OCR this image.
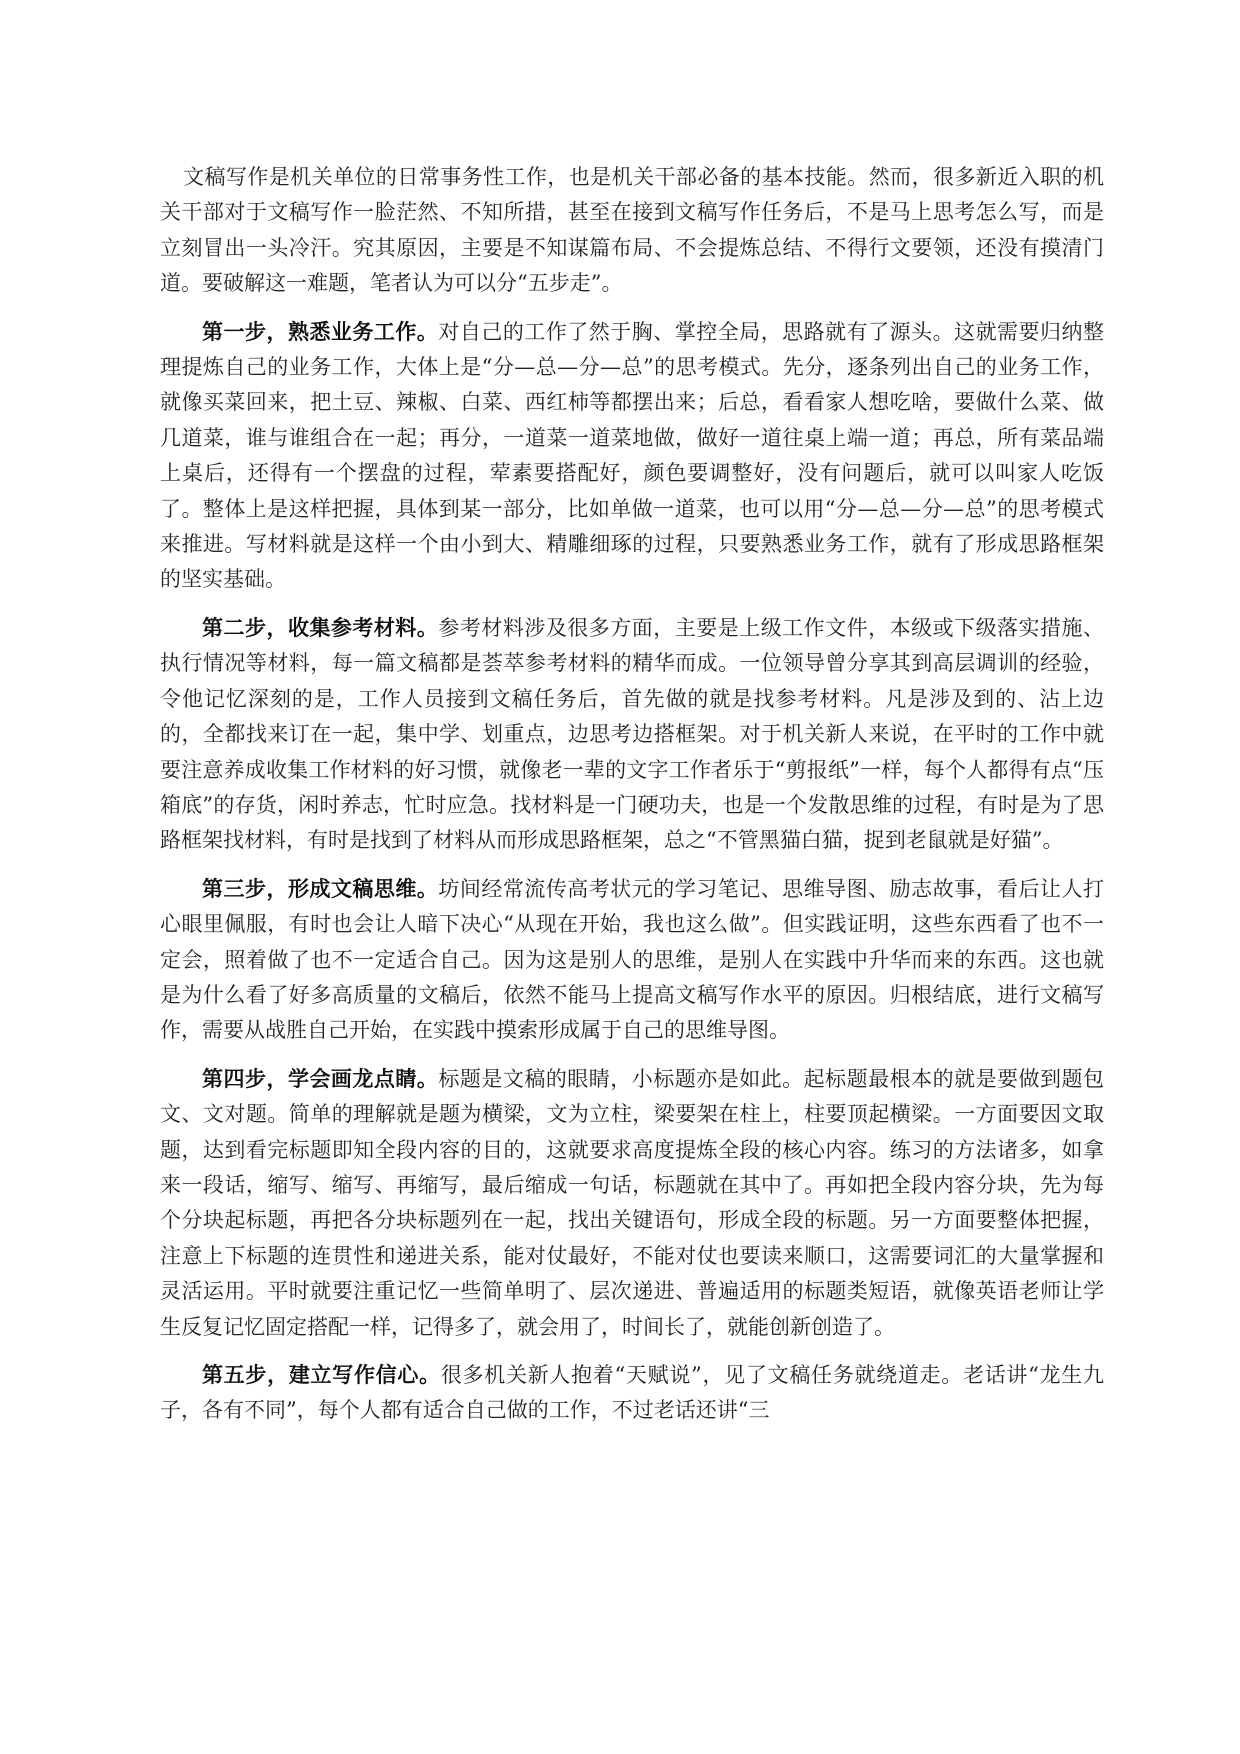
文稿写作是机关单位的日常事务性工作，也是机关干部必备的基本技能。然而，很多新近入职的机关干部对于文稿写作一脸茫然、不知所措，甚至在接到文稿写作任务后，不是马上思考怎么写，而是立刻冒出一头冷汗。究其原因，主要是不知谋篇布局、不会提炼总结、不得行文要领，还没有摸清门道。要破解这一难题，笔者认为可以分“五步走”。

第一步，熟悉业务工作。对自己的工作了然于胸、掌控全局，思路就有了源头。这就需要归纳整理提炼自己的业务工作，大体上是“分—总—分—总”的思考模式。先分，逐条列出自己的业务工作，就像买菜回来，把土豆、辣椒、白菜、西红柿等都摆出来；后总，看看家人想吃啥，要做什么菜、做几道菜，谁与谁组合在一起；再分，一道菜一道菜地做，做好一道往桌上端一道；再总，所有菜品端上桌后，还得有一个摆盘的过程，荤素要搭配好，颜色要调整好，没有问题后，就可以叫家人吃饭了。整体上是这样把握，具体到某一部分，比如单做一道菜，也可以用“分—总—分—总”的思考模式来推进。写材料就是这样一个由小到大、精雕细琢的过程，只要熟悉业务工作，就有了形成思路框架的坚实基础。

第二步，收集参考材料。参考材料涉及很多方面，主要是上级工作文件，本级或下级落实措施、执行情况等材料，每一篇文稿都是荟萃参考材料的精华而成。一位领导曾分享其到高层调训的经验，令他记忆深刻的是，工作人员接到文稿任务后，首先做的就是找参考材料。凡是涉及到的、沾上边的，全都找来订在一起，集中学、划重点，边思考边搭框架。对于机关新人来说，在平时的工作中就要注意养成收集工作材料的好习惯，就像老一辈的文字工作者乐于“剪报纸”一样，每个人都得有点“压箱底”的存货，闲时养志，忙时应急。找材料是一门硬功夫，也是一个发散思维的过程，有时是为了思路框架找材料，有时是找到了材料从而形成思路框架，总之“不管黑猫白猫，捉到老鼠就是好猫”。

第三步，形成文稿思维。坊间经常流传高考状元的学习笔记、思维导图、励志故事，看后让人打心眼里佩服，有时也会让人暗下决心“从现在开始，我也这么做”。但实践证明，这些东西看了也不一定会，照着做了也不一定适合自己。因为这是别人的思维，是别人在实践中升华而来的东西。这也就是为什么看了好多高质量的文稿后，依然不能马上提高文稿写作水平的原因。归根结底，进行文稿写作，需要从战胜自己开始，在实践中摸索形成属于自己的思维导图。

第四步，学会画龙点睛。标题是文稿的眼睛，小标题亦是如此。起标题最根本的就是要做到题包文、文对题。简单的理解就是题为横梁，文为立柱，梁要架在柱上，柱要顶起横梁。一方面要因文取题，达到看完标题即知全段内容的目的，这就要求高度提炼全段的核心内容。练习的方法诸多，如拿来一段话，缩写、缩写、再缩写，最后缩成一句话，标题就在其中了。再如把全段内容分块，先为每个分块起标题，再把各分块标题列在一起，找出关键语句，形成全段的标题。另一方面要整体把握，注意上下标题的连贯性和递进关系，能对仗最好，不能对仗也要读来顺口，这需要词汇的大量掌握和灵活运用。平时就要注重记忆一些简单明了、层次递进、普遍适用的标题类短语，就像英语老师让学生反复记忆固定搭配一样，记得多了，就会用了，时间长了，就能创新创造了。

第五步，建立写作信心。很多机关新人抱着“天赋说”，见了文稿任务就绕道走。老话讲“龙生九子，各有不同”，每个人都有适合自己做的工作，不过老话还讲“三
